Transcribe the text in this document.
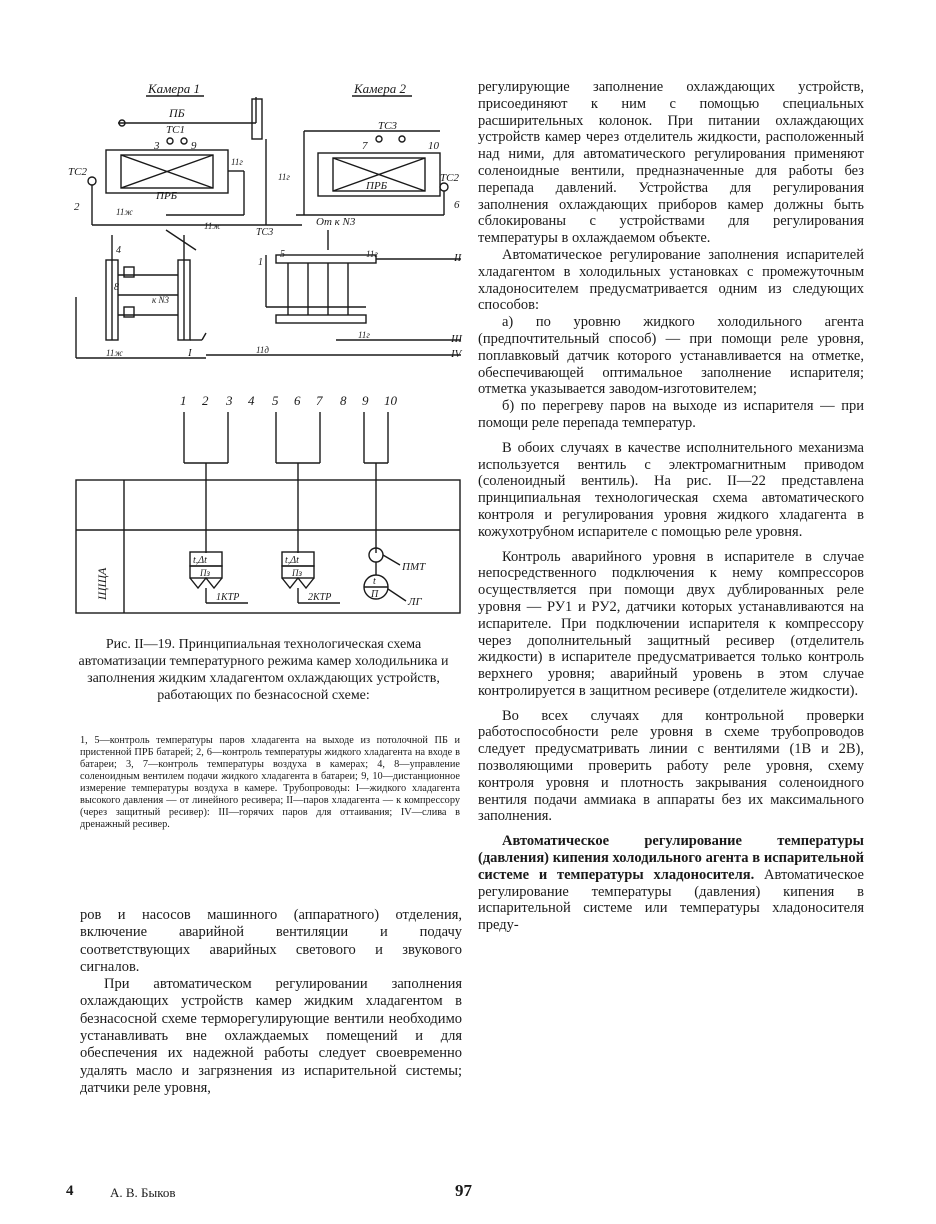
Камера 1	Камера 2
ПБ
ПРБ
ТС1
3	9
ТС2
2	11ж
11г
11ж
4
8
к N3
11ж	I
ТС3
7	10
ПРБ
ТС2
6
11г
ТС3
От к N3
1
5	11г	II
11г	III
11д	IV
1 2 3 4 5 6 7 8 9 10
ЩЩА
t,Δt
Пз
1КТР
t,Δt
Пз
2КТР
ПМТ
t
П
ЛГ

Рис. II—19. Принципиальная технологическая схема автоматизации температурного режима камер холодильника и заполнения жидким хладагентом охлаждающих устройств, работающих по безнасосной схеме:

1, 5—контроль температуры паров хладагента на выходе из потолочной ПБ и пристенной ПРБ батарей; 2, 6—контроль температуры жидкого хладагента на входе в батареи; 3, 7—контроль температуры воздуха в камерах; 4, 8—управление соленоидным вентилем подачи жидкого хладагента в батареи; 9, 10—дистанционное измерение температуры воздуха в камере. Трубопроводы: I—жидкого хладагента высокого давления — от линейного ресивера; II—паров хладагента — к компрессору (через защитный ресивер): III—горячих паров для оттаивания; IV—слива в дренажный ресивер.

ров и насосов машинного (аппаратного) отделения, включение аварийной вентиляции и подачу соответствующих аварийных светового и звукового сигналов.

При автоматическом регулировании заполнения охлаждающих устройств камер жидким хладагентом в безнасосной схеме терморегулирующие вентили необходимо устанавливать вне охлаждаемых помещений и для обеспечения их надежной работы следует своевременно удалять масло и загрязнения из испарительной системы; датчики реле уровня,

регулирующие заполнение охлаждающих устройств, присоединяют к ним с помощью специальных расширительных колонок. При питании охлаждающих устройств камер через отделитель жидкости, расположенный над ними, для автоматического регулирования применяют соленоидные вентили, предназначенные для работы без перепада давлений. Устройства для регулирования заполнения охлаждающих приборов камер должны быть сблокированы с устройствами для регулирования температуры в охлаждаемом объекте.

Автоматическое регулирование заполнения испарителей хладагентом в холодильных установках с промежуточным хладоносителем предусматривается одним из следующих способов:

а) по уровню жидкого холодильного агента (предпочтительный способ) — при помощи реле уровня, поплавковый датчик которого устанавливается на отметке, обеспечивающей оптимальное заполнение испарителя; отметка указывается заводом-изготовителем;

б) по перегреву паров на выходе из испарителя — при помощи реле перепада температур.

В обоих случаях в качестве исполнительного механизма используется вентиль с электромагнитным приводом (соленоидный вентиль). На рис. II—22 представлена принципиальная технологическая схема автоматического контроля и регулирования уровня жидкого хладагента в кожухотрубном испарителе с помощью реле уровня.

Контроль аварийного уровня в испарителе в случае непосредственного подключения к нему компрессоров осуществляется при помощи двух дублированных реле уровня — РУ1 и РУ2, датчики которых устанавливаются на испарителе. При подключении испарителя к компрессору через дополнительный защитный ресивер (отделитель жидкости) в испарителе предусматривается только контроль верхнего уровня; аварийный уровень в этом случае контролируется в защитном ресивере (отделителе жидкости).

Во всех случаях для контрольной проверки работоспособности реле уровня в схеме трубопроводов следует предусматривать линии с вентилями (1В и 2В), позволяющими проверить работу реле уровня, схему контроля уровня и плотность закрывания соленоидного вентиля подачи аммиака в аппараты без их максимального заполнения.

Автоматическое регулирование температуры (давления) кипения холодильного агента в испарительной системе и температуры хладоносителя. Автоматическое регулирование температуры (давления) кипения в испарительной системе или температуры хладоносителя преду-

4	А. В. Быков	97
